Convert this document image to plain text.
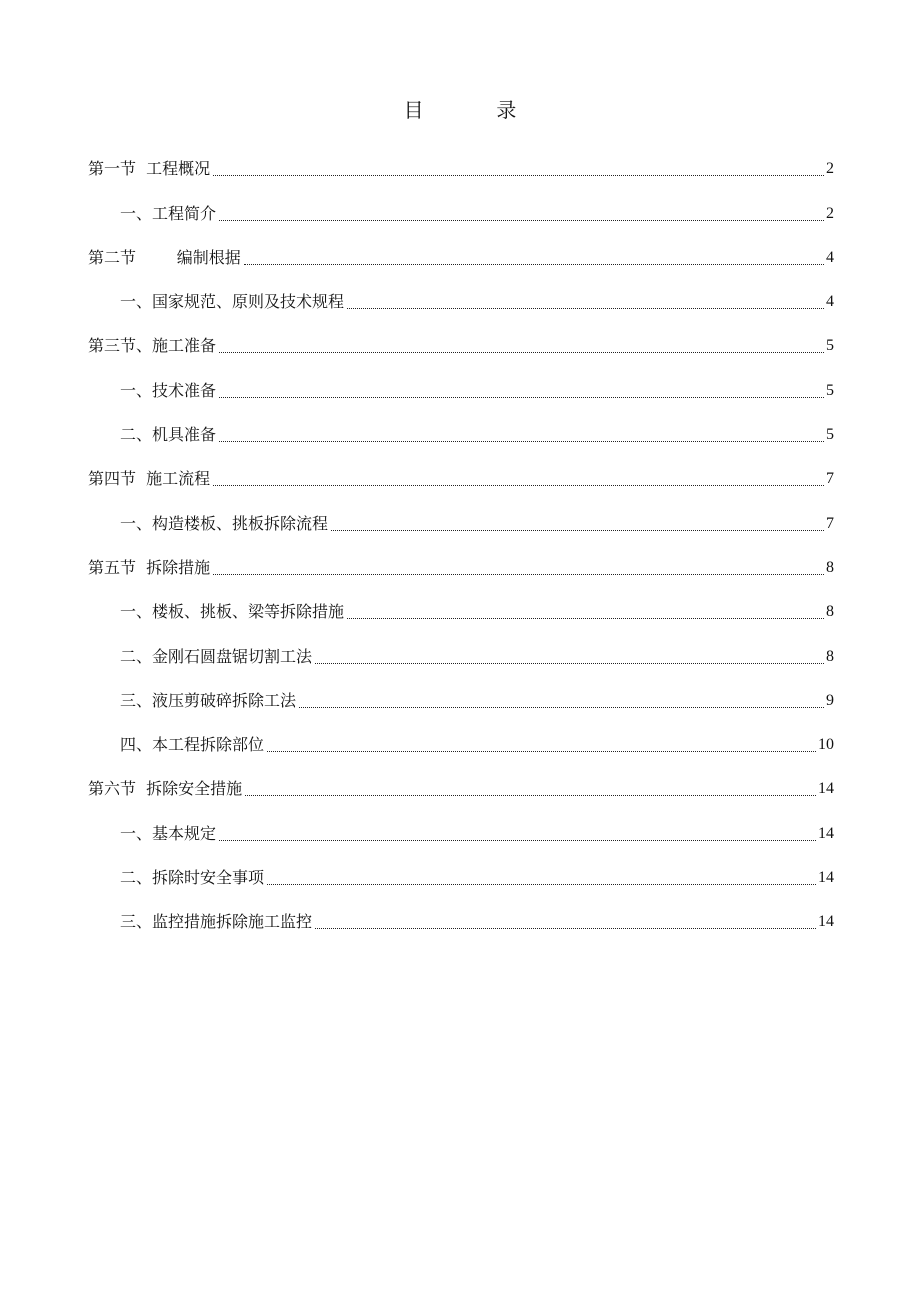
目  录
第一节  工程概况	2
一、工程简介	2
第二节        编制根据	4
一、国家规范、原则及技术规程	4
第三节、施工准备	5
一、技术准备	5
二、机具准备	5
第四节  施工流程	7
一、构造楼板、挑板拆除流程	7
第五节  拆除措施	8
一、楼板、挑板、梁等拆除措施	8
二、金刚石圆盘锯切割工法	8
三、液压剪破碎拆除工法	9
四、本工程拆除部位	10
第六节  拆除安全措施	14
一、基本规定	14
二、拆除时安全事项	14
三、监控措施拆除施工监控	14
